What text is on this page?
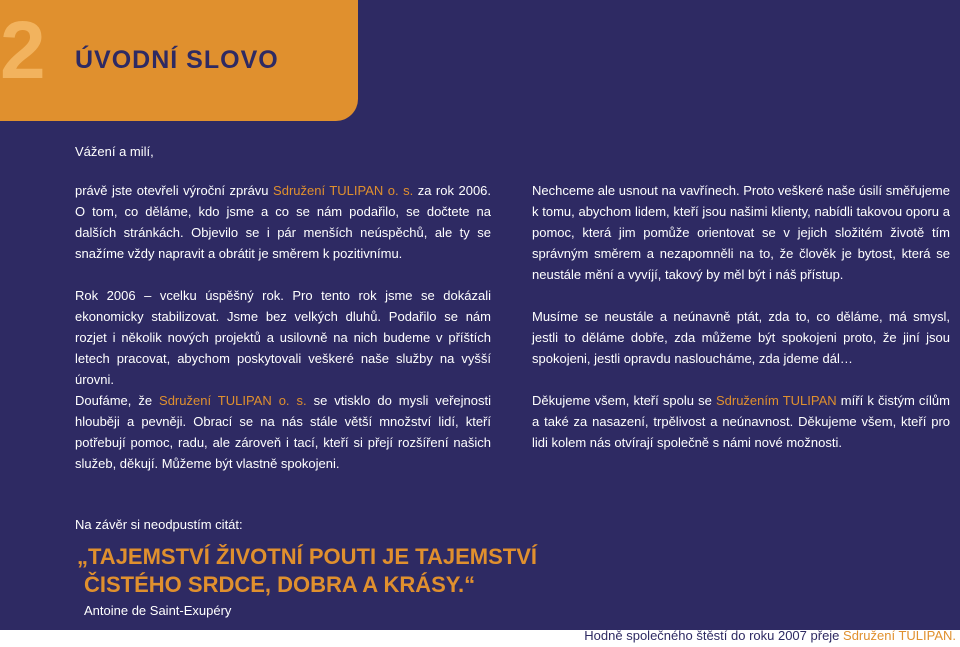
2 ÚVODNÍ SLOVO
Vážení a milí,
právě jste otevřeli výroční zprávu Sdružení TULIPAN o. s. za rok 2006. O tom, co děláme, kdo jsme a co se nám podařilo, se dočtete na dalších stránkách. Objevilo se i pár menších neúspěchů, ale ty se snažíme vždy napravit a obrátit je směrem k pozitivnímu.
Rok 2006 – vcelku úspěšný rok. Pro tento rok jsme se dokázali ekonomicky stabilizovat. Jsme bez velkých dluhů. Podařilo se nám rozjet i několik nových projektů a usilovně na nich budeme v příštích letech pracovat, abychom poskytovali veškeré naše služby na vyšší úrovni.
Doufáme, že Sdružení TULIPAN o. s. se vtisklo do mysli veřejnosti hlouběji a pevněji. Obrací se na nás stále větší množství lidí, kteří potřebují pomoc, radu, ale zároveň i tací, kteří si přejí rozšíření našich služeb, děkují. Můžeme být vlastně spokojeni.
Nechceme ale usnout na vavřínech. Proto veškeré naše úsilí směřujeme k tomu, abychom lidem, kteří jsou našimi klienty, nabídli takovou oporu a pomoc, která jim pomůže orientovat se v jejich složitém životě tím správným směrem a nezapomněli na to, že člověk je bytost, která se neustále mění a vyvíjí, takový by měl být i náš přístup.
Musíme se neustále a neúnavně ptát, zda to, co děláme, má smysl, jestli to děláme dobře, zda můžeme být spokojeni proto, že jiní jsou spokojeni, jestli opravdu nasloucháme, zda jdeme dál…
Děkujeme všem, kteří spolu se Sdružením TULIPAN míří k čistým cílům a také za nasazení, trpělivost a neúnavnost. Děkujeme všem, kteří pro lidi kolem nás otvírají společně s námi nové možnosti.
Na závěr si neodpustím citát:
„TAJEMSTVÍ ŽIVOTNÍ POUTI JE TAJEMSTVÍ
ČISTÉHO SRDCE, DOBRA A KRÁSY.“
Antoine de Saint-Exupéry
Hodně společného štěstí do roku 2007 přeje Sdružení TULIPAN.
